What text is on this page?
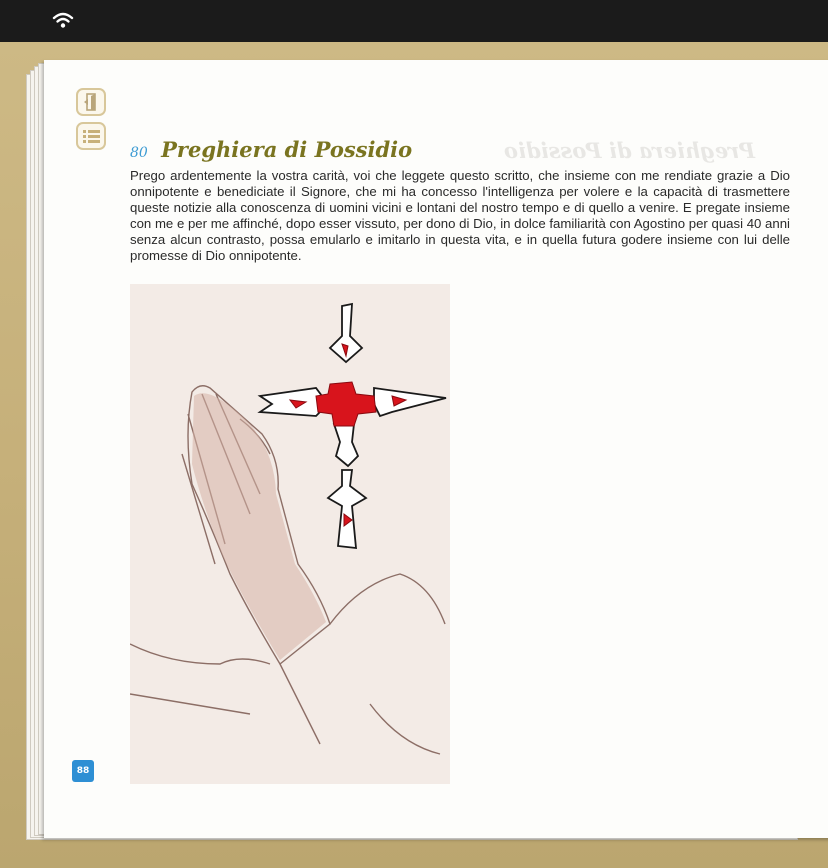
Preghiera di Possidio
80 Preghiera di Possidio
Prego ardentemente la vostra carità, voi che leggete questo scritto, che insieme con me rendiate grazie a Dio onnipotente e benediciate il Signore, che mi ha concesso l'intelligenza per volere e la capacità di trasmettere queste notizie alla conoscenza di uomini vicini e lontani del nostro tempo e di quello a venire. E pregate insieme con me e per me affinché, dopo esser vissuto, per dono di Dio, in dolce familiarità con Agostino per quasi 40 anni senza alcun contrasto, possa emularlo e imitarlo in questa vita, e in quella futura godere insieme con lui delle promesse di Dio onnipotente.
88
